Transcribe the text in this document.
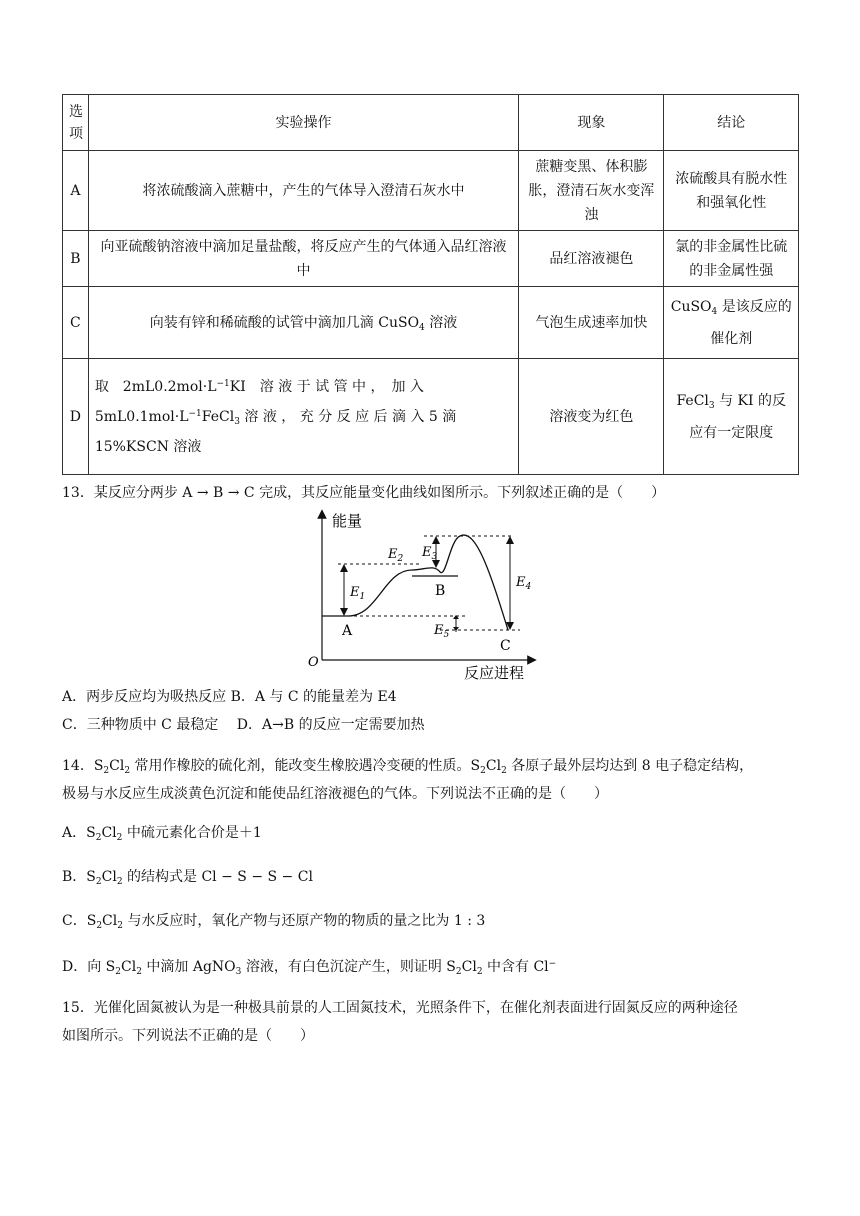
选
项	实验操作	现象	结论
A	将浓硫酸滴入蔗糖中，产生的气体导入澄清石灰水中	蔗糖变黑、体积膨胀，澄清石灰水变浑浊	浓硫酸具有脱水性和强氧化性
B	向亚硫酸钠溶液中滴加足量盐酸，将反应产生的气体通入品红溶液中	品红溶液褪色	氯的非金属性比硫的非金属性强
C	向装有锌和稀硫酸的试管中滴加几滴 CuSO$_4$ 溶液	气泡生成速率加快	CuSO$_4$ 是该反应的催化剂
D	取　$2mL0.2mol\cdot L^{-1}KI$　溶 液 于 试 管 中 ，　加 入
$5mL0.1mol\cdot L^{-1}FeCl_3$ 溶 液 ， 充 分 反 应 后 滴 入 5 滴
15%KSCN 溶液	溶液变为红色	FeCl$_3$ 与 KI 的反应有一定限度
13．某反应分两步 A → B → C 完成，其反应能量变化曲线如图所示。下列叙述正确的是（　　）
能量
反应进程
O
$E_1$
$E_2$ $E_3$
$E_4$
$E_5$
A
B
C
A．两步反应均为吸热反应 B．A 与 C 的能量差为 E4
C．三种物质中 C 最稳定　 D．A→B 的反应一定需要加热
14．$S_2Cl_2$ 常用作橡胶的硫化剂，能改变生橡胶遇冷变硬的性质。$S_2Cl_2$ 各原子最外层均达到 8 电子稳定结构，
极易与水反应生成淡黄色沉淀和能使品红溶液褪色的气体。下列说法不正确的是（　　）
A．$S_2Cl_2$ 中硫元素化合价是＋1
B．$S_2Cl_2$ 的结构式是 Cl − S − S − Cl
C．$S_2Cl_2$ 与水反应时，氧化产物与还原产物的物质的量之比为 1 : 3
D．向 $S_2Cl_2$ 中滴加 AgNO$_3$ 溶液，有白色沉淀产生，则证明 $S_2Cl_2$ 中含有 Cl−
15．光催化固氮被认为是一种极具前景的人工固氮技术，光照条件下，在催化剂表面进行固氮反应的两种途径
如图所示。下列说法不正确的是（　　）
